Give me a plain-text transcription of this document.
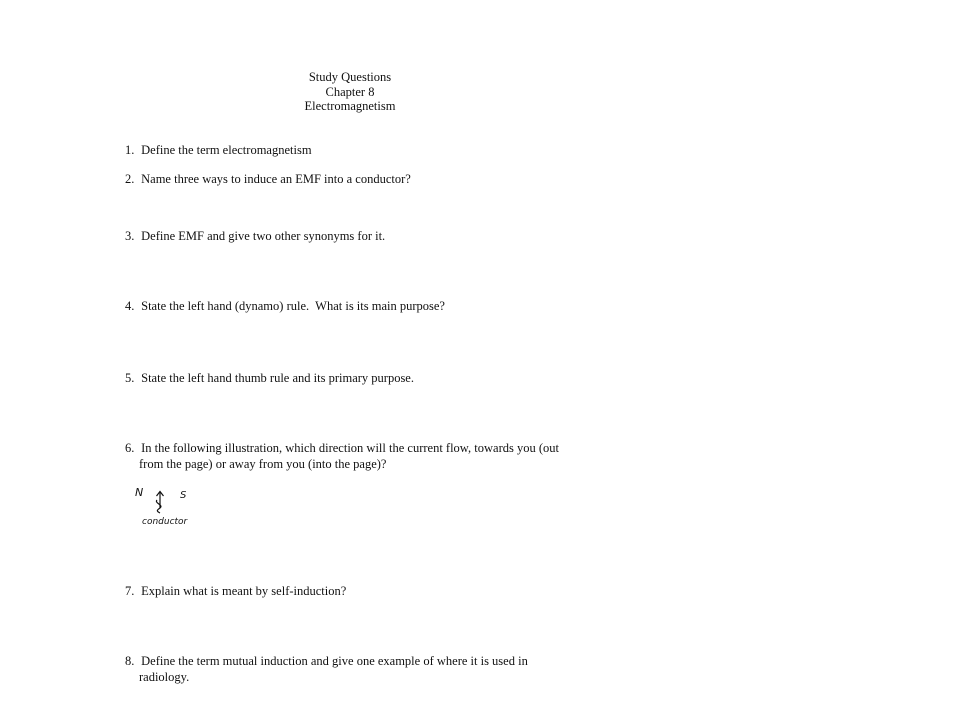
Study Questions
Chapter 8
Electromagnetism
1. Define the term electromagnetism
2. Name three ways to induce an EMF into a conductor?
3. Define EMF and give two other synonyms for it.
4. State the left hand (dynamo) rule.  What is its main purpose?
5. State the left hand thumb rule and its primary purpose.
6. In the following illustration, which direction will the current flow, towards you (out
from the page) or away from you (into the page)?
N	S
conductor
7. Explain what is meant by self-induction?
8. Define the term mutual induction and give one example of where it is used in
radiology.
